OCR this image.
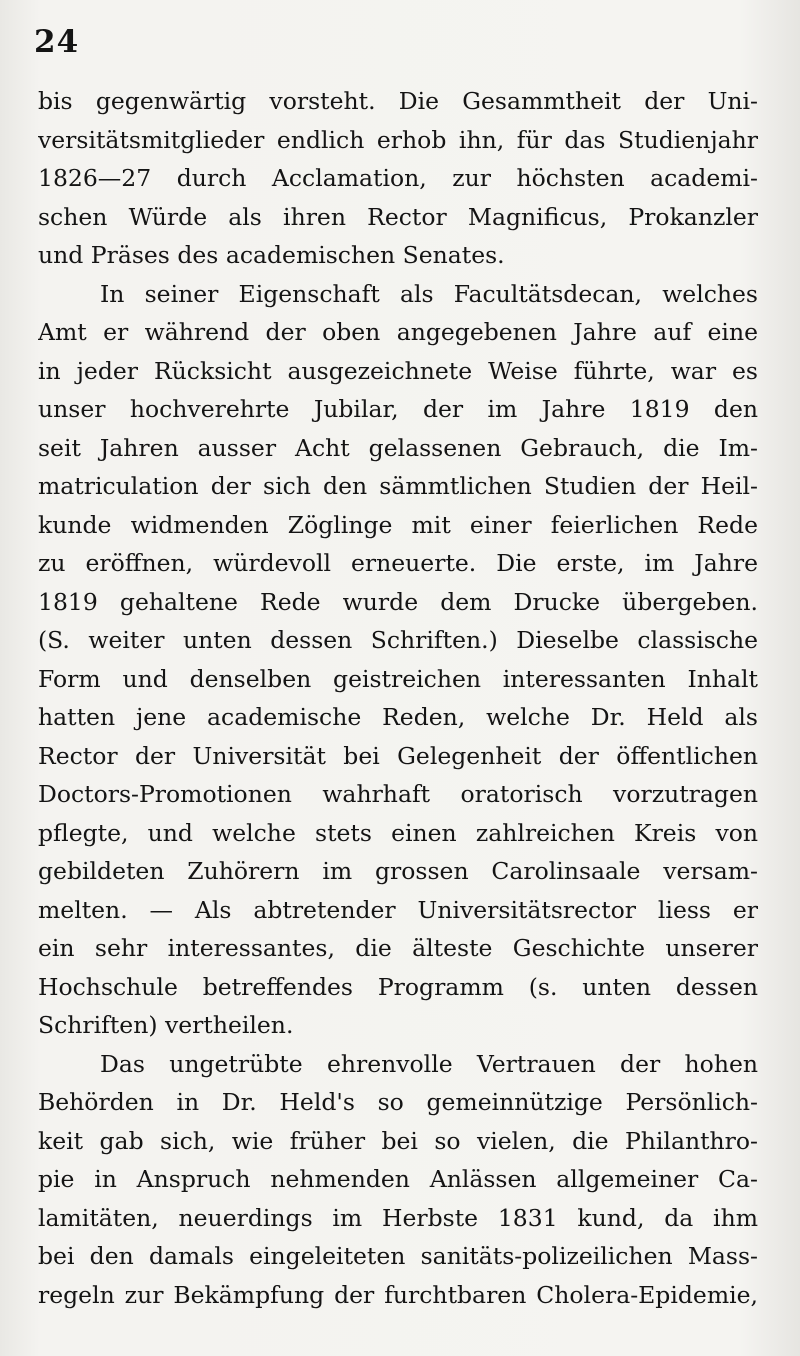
24
bis gegenwärtig vorsteht. Die Gesammtheit der Uni-
versitätsmitglieder endlich erhob ihn, für das Studienjahr
1826—27 durch Acclamation, zur höchsten academi-
schen Würde als ihren Rector Magnificus, Prokanzler
und Präses des academischen Senates.
In seiner Eigenschaft als Facultätsdecan, welches
Amt er während der oben angegebenen Jahre auf eine
in jeder Rücksicht ausgezeichnete Weise führte, war es
unser hochverehrte Jubilar, der im Jahre 1819 den
seit Jahren ausser Acht gelassenen Gebrauch, die Im-
matriculation der sich den sämmtlichen Studien der Heil-
kunde widmenden Zöglinge mit einer feierlichen Rede
zu eröffnen, würdevoll erneuerte. Die erste, im Jahre
1819 gehaltene Rede wurde dem Drucke übergeben.
(S. weiter unten dessen Schriften.) Dieselbe classische
Form und denselben geistreichen interessanten Inhalt
hatten jene academische Reden, welche Dr. Held als
Rector der Universität bei Gelegenheit der öffentlichen
Doctors-Promotionen wahrhaft oratorisch vorzutragen
pflegte, und welche stets einen zahlreichen Kreis von
gebildeten Zuhörern im grossen Carolinsaale versam-
melten. — Als abtretender Universitätsrector liess er
ein sehr interessantes, die älteste Geschichte unserer
Hochschule betreffendes Programm (s. unten dessen
Schriften) vertheilen.
Das ungetrübte ehrenvolle Vertrauen der hohen
Behörden in Dr. Held's so gemeinnützige Persönlich-
keit gab sich, wie früher bei so vielen, die Philanthro-
pie in Anspruch nehmenden Anlässen allgemeiner Ca-
lamitäten, neuerdings im Herbste 1831 kund, da ihm
bei den damals eingeleiteten sanitäts-polizeilichen Mass-
regeln zur Bekämpfung der furchtbaren Cholera-Epidemie,
